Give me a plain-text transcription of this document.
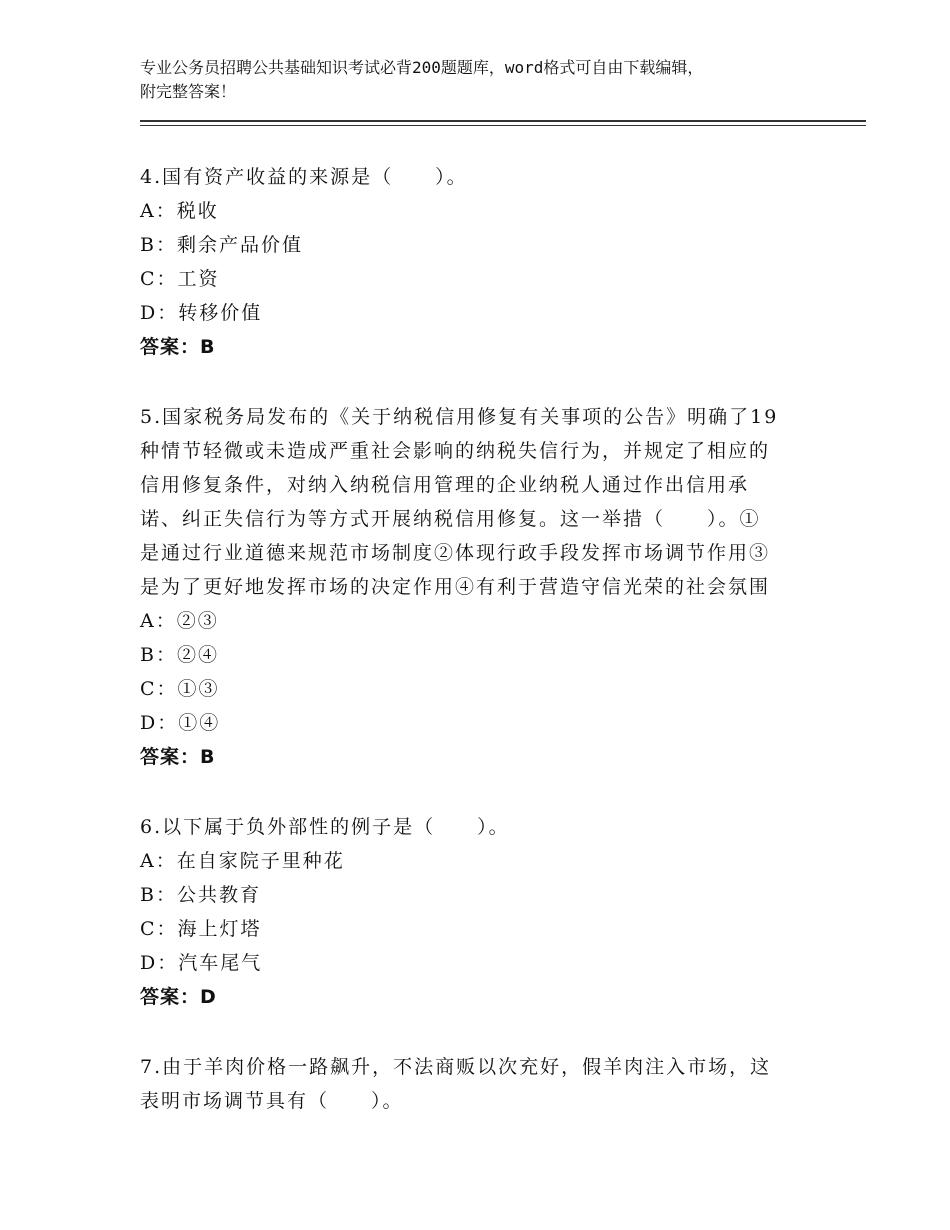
专业公务员招聘公共基础知识考试必背200题题库，word格式可自由下载编辑，
附完整答案！
4.国有资产收益的来源是（　　）。
A：税收
B：剩余产品价值
C：工资
D：转移价值
答案：B
5.国家税务局发布的《关于纳税信用修复有关事项的公告》明确了19
种情节轻微或未造成严重社会影响的纳税失信行为，并规定了相应的
信用修复条件，对纳入纳税信用管理的企业纳税人通过作出信用承
诺、纠正失信行为等方式开展纳税信用修复。这一举措（　　）。①
是通过行业道德来规范市场制度②体现行政手段发挥市场调节作用③
是为了更好地发挥市场的决定作用④有利于营造守信光荣的社会氛围
A：②③
B：②④
C：①③
D：①④
答案：B
6.以下属于负外部性的例子是（　　）。
A：在自家院子里种花
B：公共教育
C：海上灯塔
D：汽车尾气
答案：D
7.由于羊肉价格一路飙升，不法商贩以次充好，假羊肉注入市场，这
表明市场调节具有（　　）。
